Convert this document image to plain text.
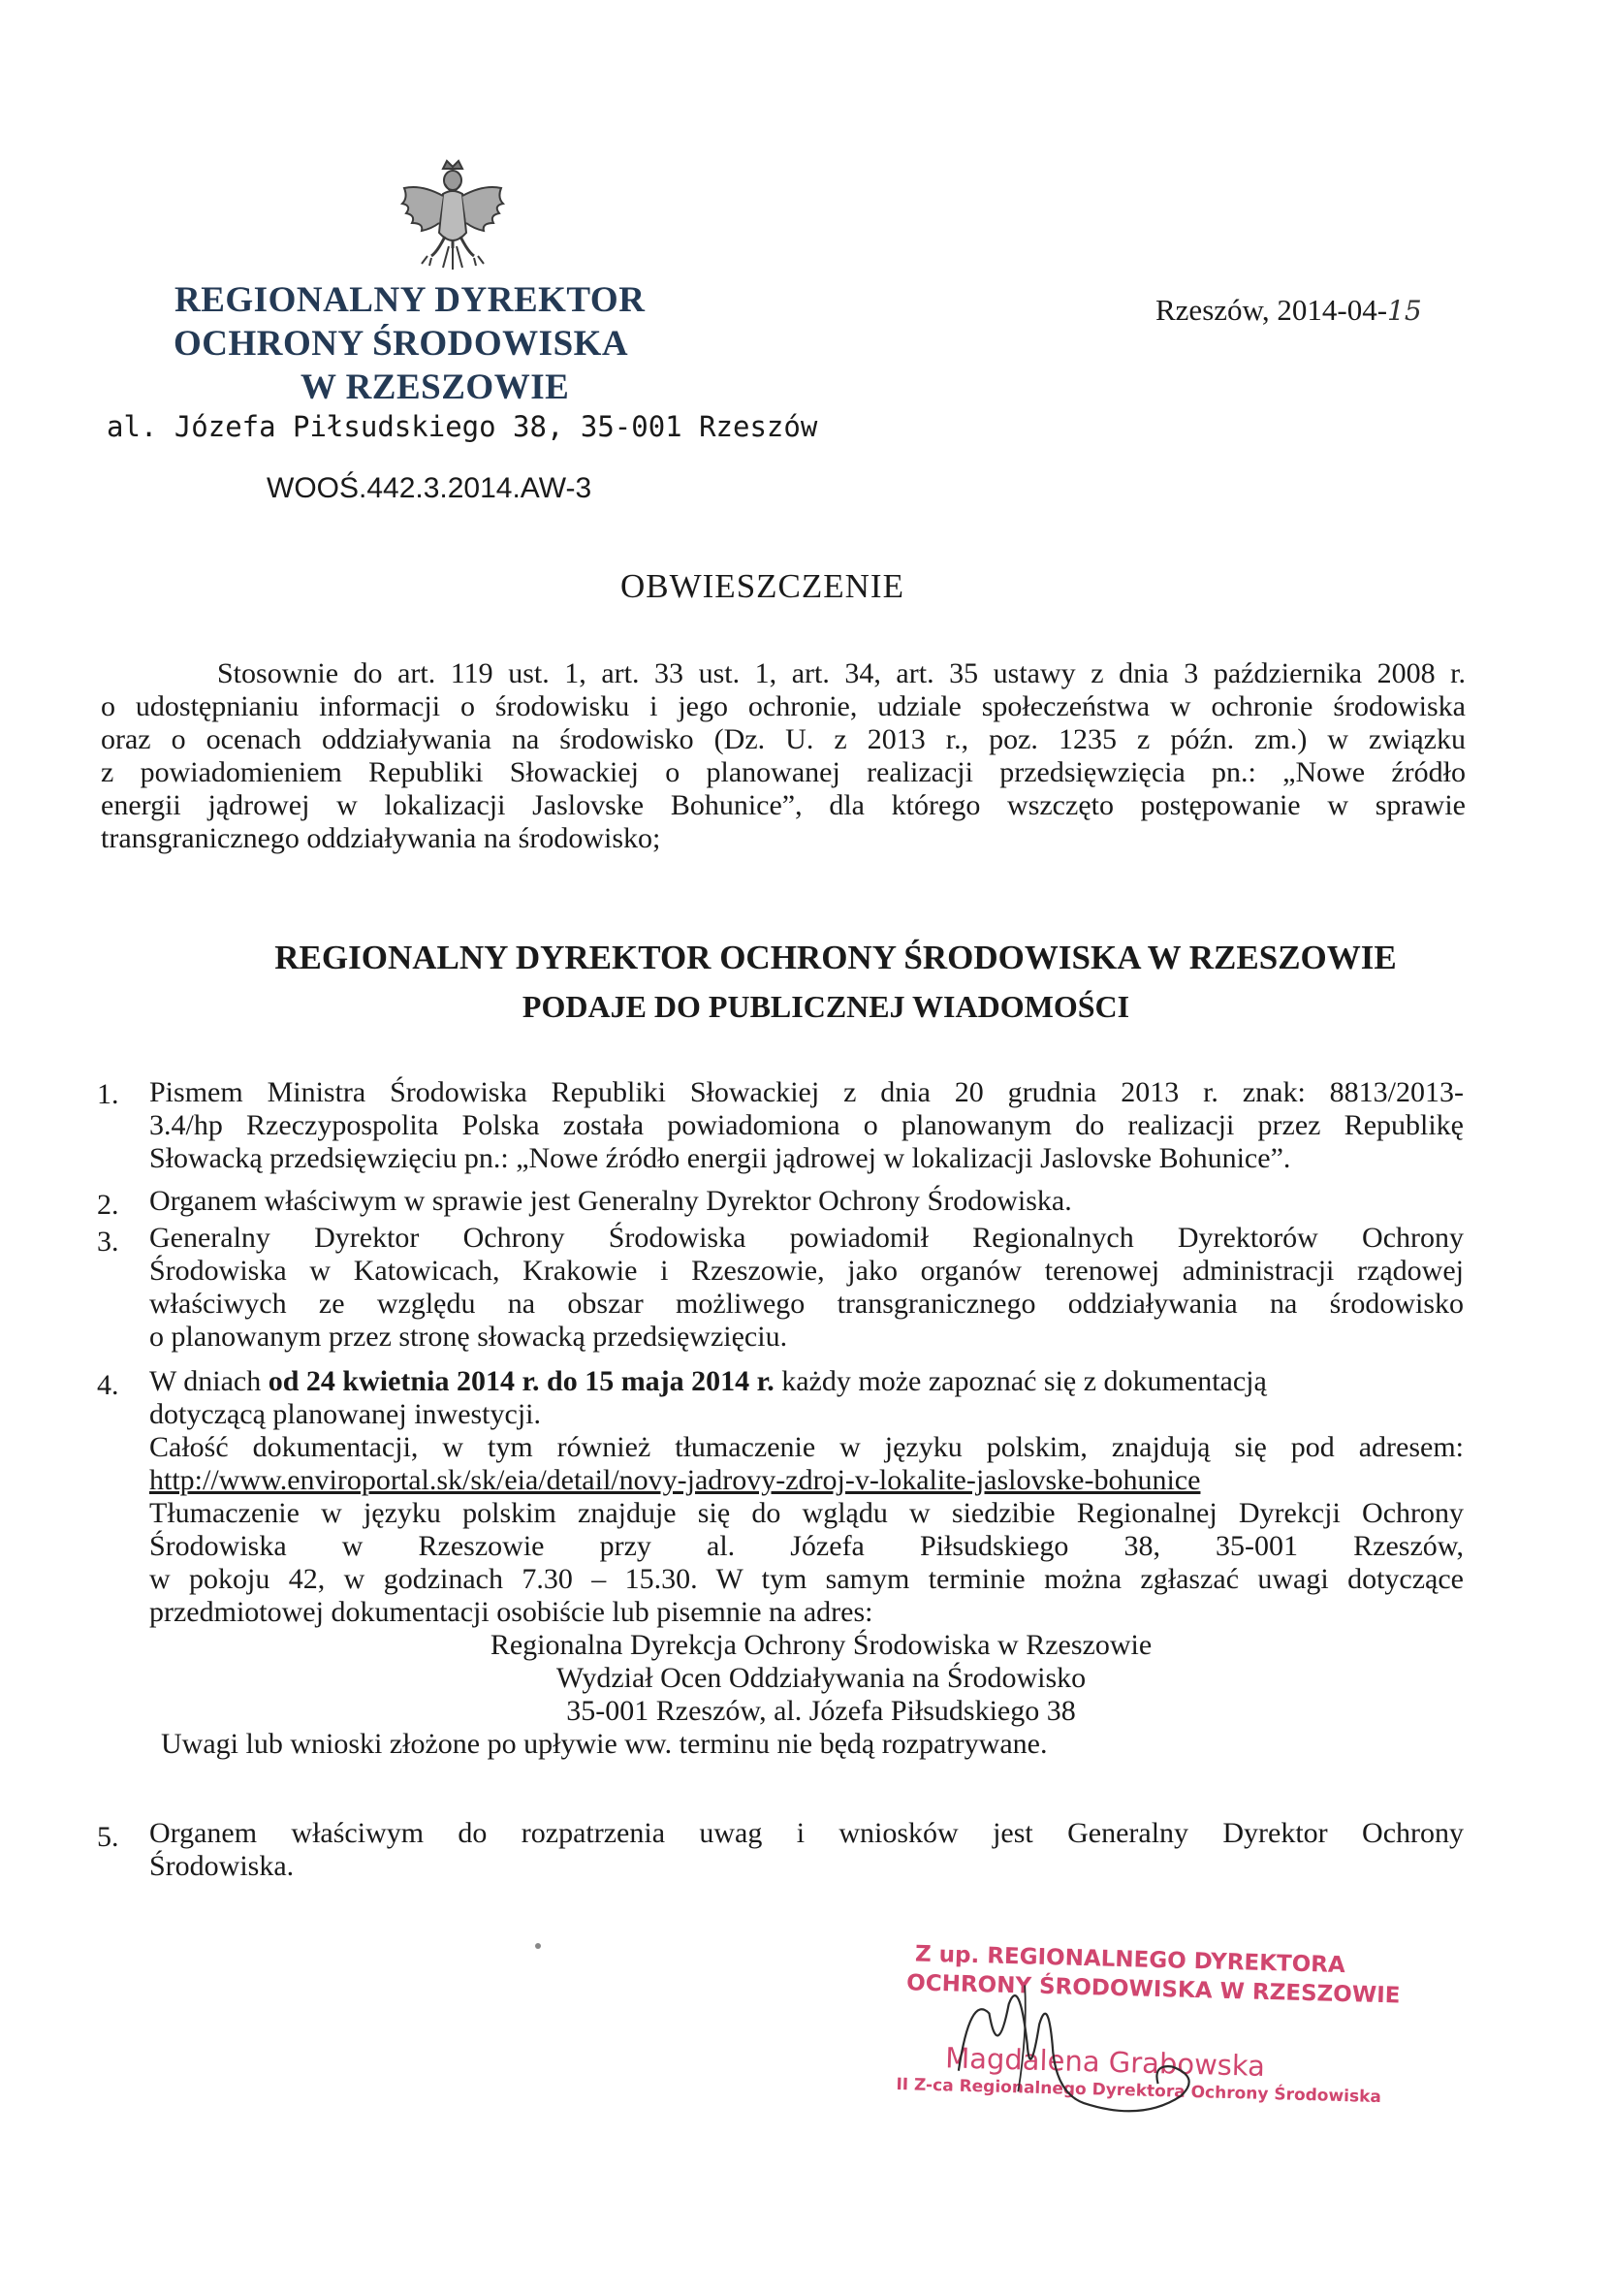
REGIONALNY DYREKTOR
OCHRONY ŚRODOWISKA
W RZESZOWIE
al. Józefa Piłsudskiego 38, 35-001 Rzeszów
WOOŚ.442.3.2014.AW-3
Rzeszów, 2014-04-15
OBWIESZCZENIE
Stosownie do art. 119 ust. 1, art. 33 ust. 1, art. 34, art. 35 ustawy z dnia 3 października 2008 r.
o udostępnianiu informacji o środowisku i jego ochronie, udziale społeczeństwa w ochronie środowiska
oraz o ocenach oddziaływania na środowisko (Dz. U. z 2013 r., poz. 1235 z późn. zm.) w związku
z powiadomieniem Republiki Słowackiej o planowanej realizacji przedsięwzięcia pn.: „Nowe źródło
energii jądrowej w lokalizacji Jaslovske Bohunice”, dla którego wszczęto postępowanie w sprawie
transgranicznego oddziaływania na środowisko;
REGIONALNY DYREKTOR OCHRONY ŚRODOWISKA W RZESZOWIE
PODAJE DO PUBLICZNEJ WIADOMOŚCI
1. Pismem Ministra Środowiska Republiki Słowackiej z dnia 20 grudnia 2013 r. znak: 8813/2013-
3.4/hp Rzeczypospolita Polska została powiadomiona o planowanym do realizacji przez Republikę
Słowacką przedsięwzięciu pn.: „Nowe źródło energii jądrowej w lokalizacji Jaslovske Bohunice”.
2. Organem właściwym w sprawie jest Generalny Dyrektor Ochrony Środowiska.
3. Generalny Dyrektor Ochrony Środowiska powiadomił Regionalnych Dyrektorów Ochrony
Środowiska w Katowicach, Krakowie i Rzeszowie, jako organów terenowej administracji rządowej
właściwych ze względu na obszar możliwego transgranicznego oddziaływania na środowisko
o planowanym przez stronę słowacką przedsięwzięciu.
4. W dniach od 24 kwietnia 2014 r. do 15 maja 2014 r. każdy może zapoznać się z dokumentacją
dotyczącą planowanej inwestycji.
Całość dokumentacji, w tym również tłumaczenie w języku polskim, znajdują się pod adresem:
http://www.enviroportal.sk/sk/eia/detail/novy-jadrovy-zdroj-v-lokalite-jaslovske-bohunice
Tłumaczenie w języku polskim znajduje się do wglądu w siedzibie Regionalnej Dyrekcji Ochrony
Środowiska w Rzeszowie przy al. Józefa Piłsudskiego 38, 35-001 Rzeszów,
w pokoju 42, w godzinach 7.30 – 15.30. W tym samym terminie można zgłaszać uwagi dotyczące
przedmiotowej dokumentacji osobiście lub pisemnie na adres:
Regionalna Dyrekcja Ochrony Środowiska w Rzeszowie
Wydział Ocen Oddziaływania na Środowisko
35-001 Rzeszów, al. Józefa Piłsudskiego 38
Uwagi lub wnioski złożone po upływie ww. terminu nie będą rozpatrywane.
5. Organem właściwym do rozpatrzenia uwag i wniosków jest Generalny Dyrektor Ochrony
Środowiska.
Z up. REGIONALNEGO DYREKTORA
OCHRONY ŚRODOWISKA W RZESZOWIE
Magdalena Grabowska
II Z-ca Regionalnego Dyrektora Ochrony Środowiska
